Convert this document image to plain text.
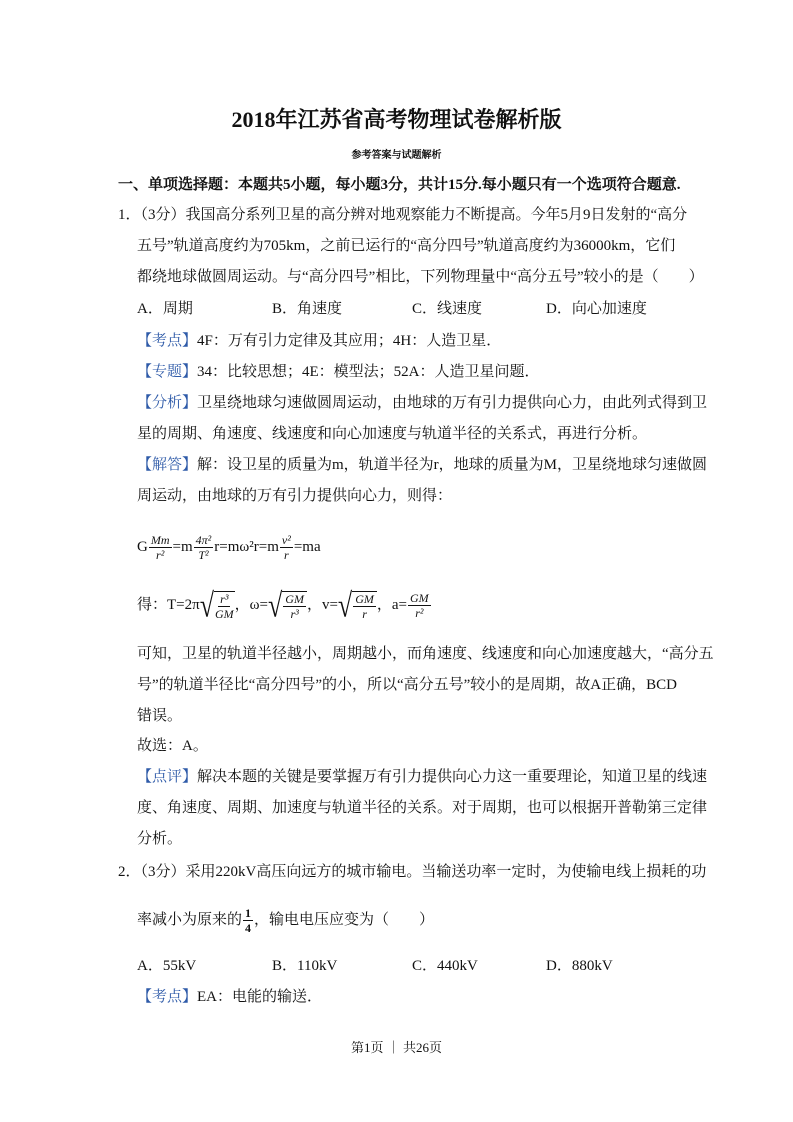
2018年江苏省高考物理试卷解析版
参考答案与试题解析
一、单项选择题：本题共5小题，每小题3分，共计15分.每小题只有一个选项符合题意.
1．（3分）我国高分系列卫星的高分辨对地观察能力不断提高。今年5月9日发射的“高分
五号”轨道高度约为705km，之前已运行的“高分四号”轨道高度约为36000km，它们
都绕地球做圆周运动。与“高分四号”相比，下列物理量中“高分五号”较小的是（　　）
A．周期	B．角速度	C．线速度	D．向心加速度
【考点】4F：万有引力定律及其应用；4H：人造卫星．
【专题】34：比较思想；4E：模型法；52A：人造卫星问题．
【分析】卫星绕地球匀速做圆周运动，由地球的万有引力提供向心力，由此列式得到卫
星的周期、角速度、线速度和向心加速度与轨道半径的关系式，再进行分析。
【解答】解：设卫星的质量为m，轨道半径为r，地球的质量为M，卫星绕地球匀速做圆
周运动，由地球的万有引力提供向心力，则得：
G $\frac{Mm}{\text{r²}} =m \frac{\text{4π²}}{\text{T²}} r=m\omega^2r=m \frac{\text{v²}}{r} =ma$
得：T=2π √ $\frac{\text{r³}}{GM}$ ，ω= √ $\frac{GM}{\text{r³}}$ ，v= √ $\frac{GM}{r}$ ，$a= \frac{GM}{\text{r²}}$
可知，卫星的轨道半径越小，周期越小，而角速度、线速度和向心加速度越大，“高分五
号”的轨道半径比“高分四号”的小，所以“高分五号”较小的是周期，故A正确，BCD
错误。
故选：A。
【点评】解决本题的关键是要掌握万有引力提供向心力这一重要理论，知道卫星的线速
度、角速度、周期、加速度与轨道半径的关系。对于周期，也可以根据开普勒第三定律
分析。
2．（3分）采用220kV高压向远方的城市输电。当输送功率一定时，为使输电线上损耗的功
率减小为原来的 $\frac{1}{4}$ ，输电电压应变为（　　）
A．55kV	B．110kV	C．440kV	D．880kV
【考点】EA：电能的输送．
第1页 ｜ 共26页
